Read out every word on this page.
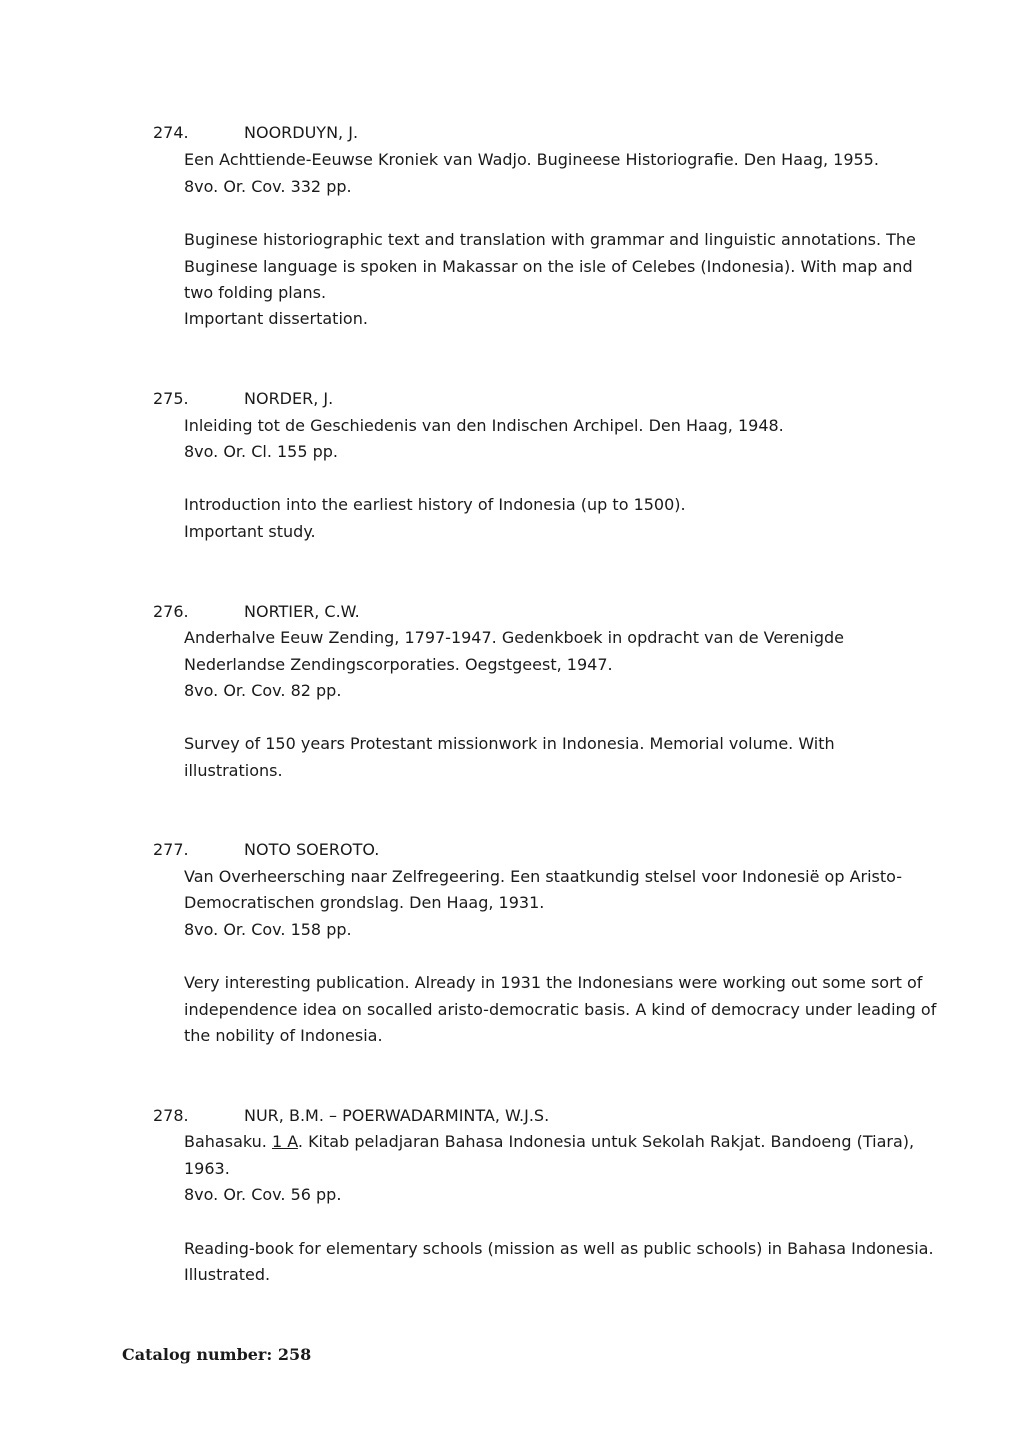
274.	NOORDUYN, J.
Een Achttiende-Eeuwse Kroniek van Wadjo. Bugineese Historiografie. Den Haag, 1955.
8vo. Or. Cov. 332 pp.
Buginese historiographic text and translation with grammar and linguistic annotations. The
Buginese language is spoken in Makassar on the isle of Celebes (Indonesia). With map and
two folding plans.
Important dissertation.
275.	NORDER, J.
Inleiding tot de Geschiedenis van den Indischen Archipel. Den Haag, 1948.
8vo. Or. Cl. 155 pp.
Introduction into the earliest history of Indonesia (up to 1500).
Important study.
276.	NORTIER, C.W.
Anderhalve Eeuw Zending, 1797-1947. Gedenkboek in opdracht van de Verenigde
Nederlandse Zendingscorporaties. Oegstgeest, 1947.
8vo. Or. Cov. 82 pp.
Survey of 150 years Protestant missionwork in Indonesia. Memorial volume. With
illustrations.
277.	NOTO SOEROTO.
Van Overheersching naar Zelfregeering. Een staatkundig stelsel voor Indonesië op Aristo-
Democratischen grondslag. Den Haag, 1931.
8vo. Or. Cov. 158 pp.
Very interesting publication. Already in 1931 the Indonesians were working out some sort of
independence idea on socalled aristo-democratic basis. A kind of democracy under leading of
the nobility of Indonesia.
278.	NUR, B.M. – POERWADARMINTA, W.J.S.
Bahasaku. 1 A. Kitab peladjaran Bahasa Indonesia untuk Sekolah Rakjat. Bandoeng (Tiara),
1963.
8vo. Or. Cov. 56 pp.
Reading-book for elementary schools (mission as well as public schools) in Bahasa Indonesia.
Illustrated.
Catalog number: 258
